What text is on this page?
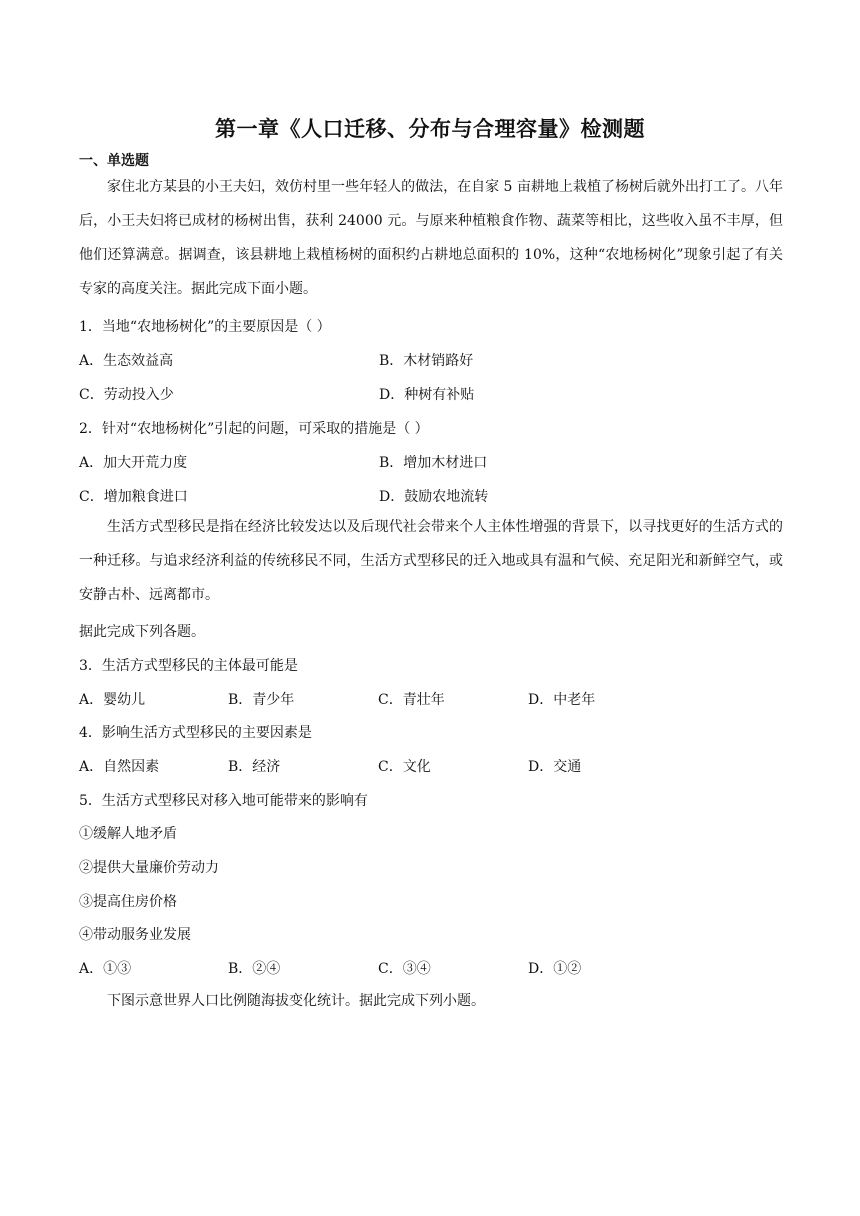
第一章《人口迁移、分布与合理容量》检测题
一、单选题
家住北方某县的小王夫妇，效仿村里一些年轻人的做法，在自家 5 亩耕地上栽植了杨树后就外出打工了。八年后，小王夫妇将已成材的杨树出售，获利 24000 元。与原来种植粮食作物、蔬菜等相比，这些收入虽不丰厚，但他们还算满意。据调查，该县耕地上栽植杨树的面积约占耕地总面积的 10%，这种“农地杨树化”现象引起了有关专家的高度关注。据此完成下面小题。
1．当地“农地杨树化”的主要原因是（ ）
A．生态效益高	B．木材销路好
C．劳动投入少	D．种树有补贴
2．针对“农地杨树化”引起的问题，可采取的措施是（ ）
A．加大开荒力度	B．增加木材进口
C．增加粮食进口	D．鼓励农地流转
生活方式型移民是指在经济比较发达以及后现代社会带来个人主体性增强的背景下，以寻找更好的生活方式的一种迁移。与追求经济利益的传统移民不同，生活方式型移民的迁入地或具有温和气候、充足阳光和新鲜空气，或安静古朴、远离都市。
据此完成下列各题。
3．生活方式型移民的主体最可能是
A．婴幼儿	B．青少年	C．青壮年	D．中老年
4．影响生活方式型移民的主要因素是
A．自然因素	B．经济	C．文化	D．交通
5．生活方式型移民对移入地可能带来的影响有
①缓解人地矛盾
②提供大量廉价劳动力
③提高住房价格
④带动服务业发展
A．①③	B．②④	C．③④	D．①②
下图示意世界人口比例随海拔变化统计。据此完成下列小题。
